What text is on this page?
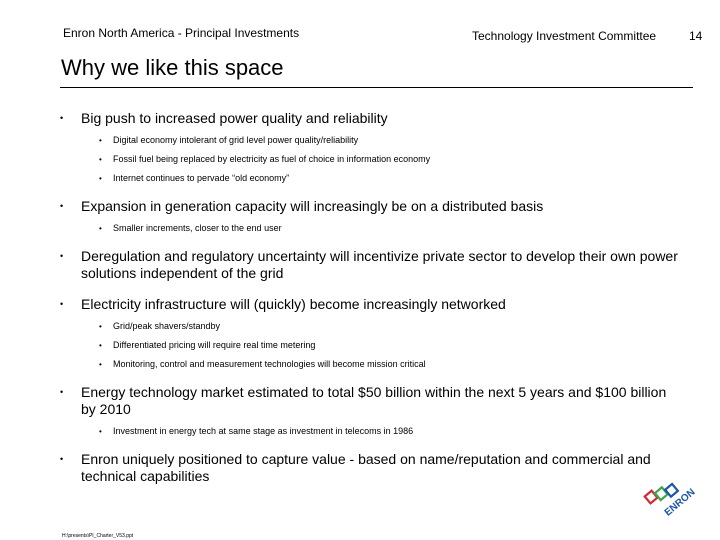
Enron North America - Principal Investments	Technology Investment Committee	14
Why we like this space
• Big push to increased power quality and reliability
• Digital economy intolerant of grid level power quality/reliability
• Fossil fuel being replaced by electricity as fuel of choice in information economy
• Internet continues to pervade “old economy”
• Expansion in generation capacity will increasingly be on a distributed basis
• Smaller increments, closer to the end user
• Deregulation and regulatory uncertainty will incentivize private sector to develop their own power solutions independent of the grid
• Electricity infrastructure will (quickly) become increasingly networked
• Grid/peak shavers/standby
• Differentiated pricing will require real time metering
• Monitoring, control and measurement technologies will become mission critical
• Energy technology market estimated to total $50 billion within the next 5 years and $100 billion by 2010
• Investment in energy tech at same stage as investment in telecoms in 1986
• Enron uniquely positioned to capture value - based on name/reputation and commercial and technical capabilities
H:\presents\PI_Charter_V53.ppt
ENRON
